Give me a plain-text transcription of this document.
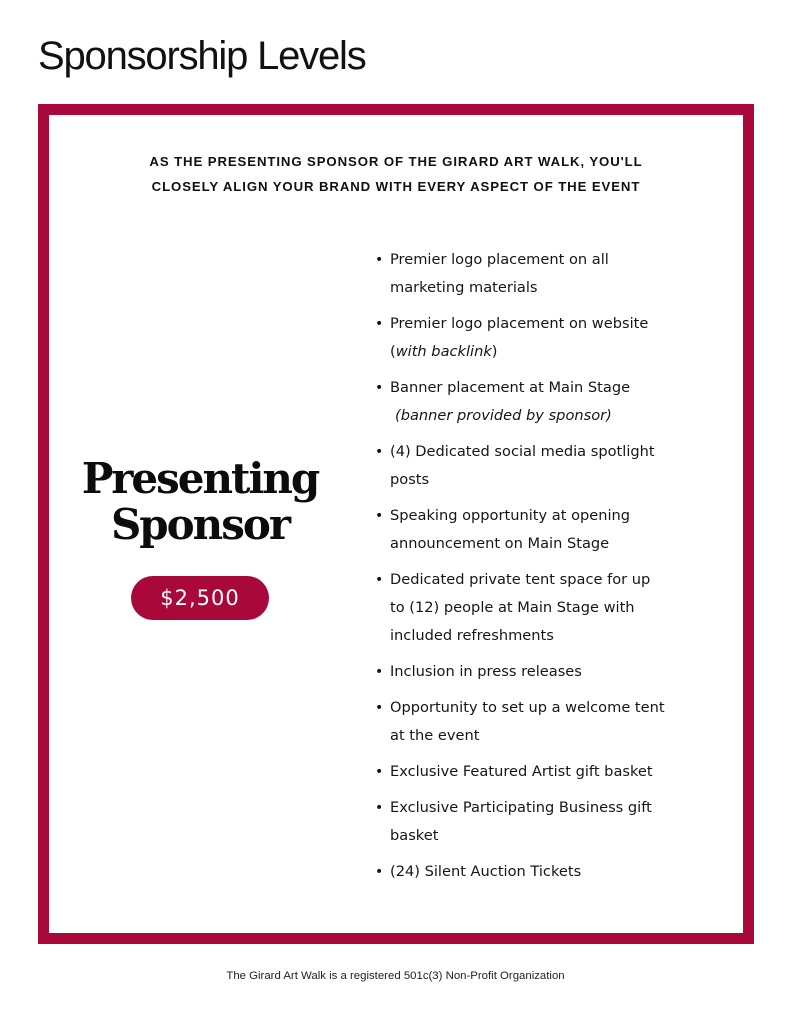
Sponsorship Levels
AS THE PRESENTING SPONSOR OF THE GIRARD ART WALK, YOU'LL
CLOSELY ALIGN YOUR BRAND WITH EVERY ASPECT OF THE EVENT
Presenting
Sponsor
$2,500
• Premier logo placement on all
marketing materials
• Premier logo placement on website
(with backlink)
• Banner placement at Main Stage
(banner provided by sponsor)
• (4) Dedicated social media spotlight
posts
• Speaking opportunity at opening
announcement on Main Stage
• Dedicated private tent space for up
to (12) people at Main Stage with
included refreshments
• Inclusion in press releases
• Opportunity to set up a welcome tent
at the event
• Exclusive Featured Artist gift basket
• Exclusive Participating Business gift
basket
• (24) Silent Auction Tickets
The Girard Art Walk is a registered 501c(3) Non-Profit Organization
